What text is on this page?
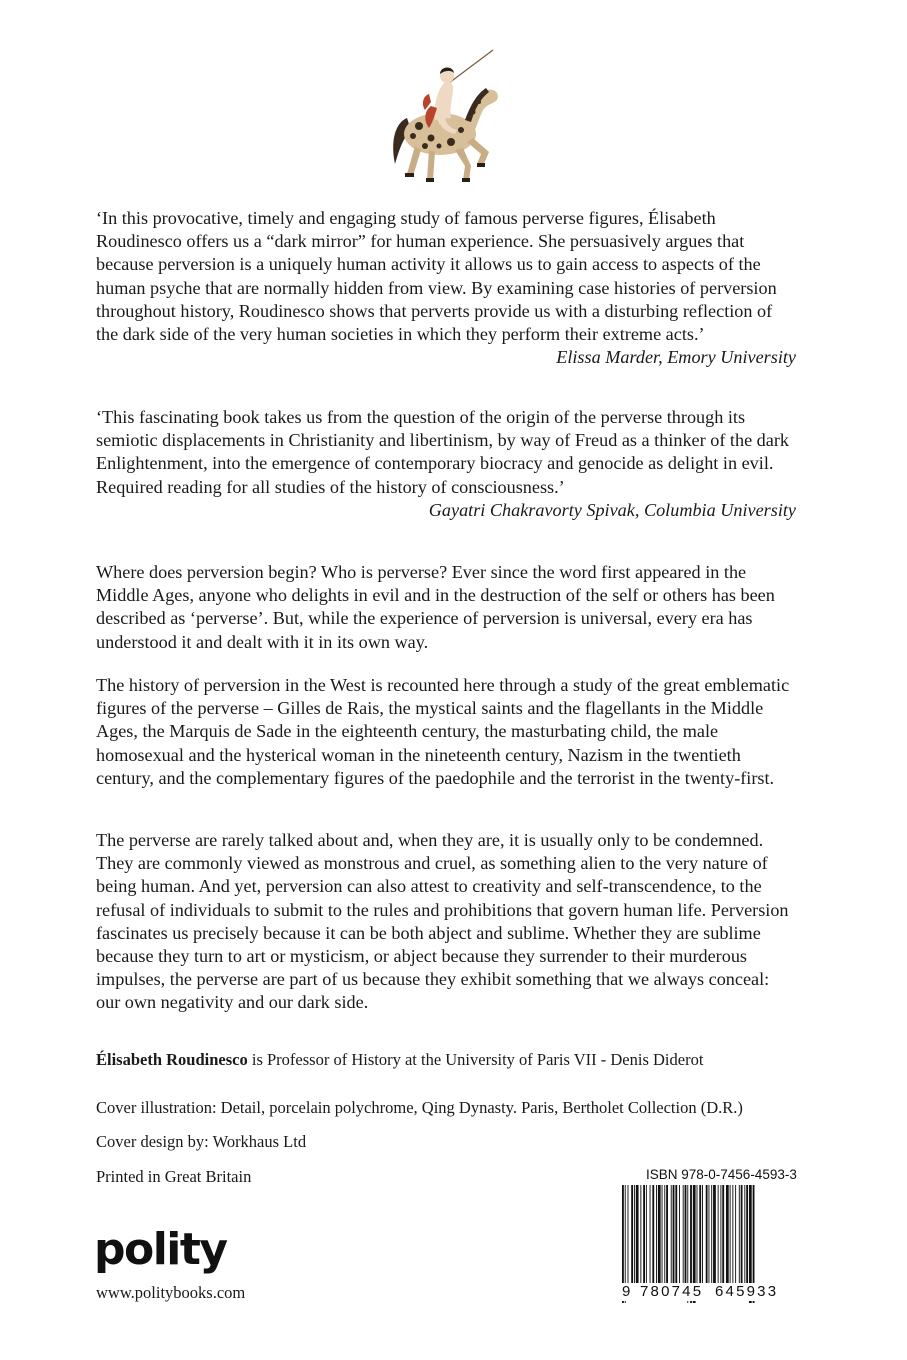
‘In this provocative, timely and engaging study of famous perverse figures, Élisabeth Roudinesco offers us a “dark mirror” for human experience. She persuasively argues that because perversion is a uniquely human activity it allows us to gain access to aspects of the human psyche that are normally hidden from view. By examining case histories of perversion throughout history, Roudinesco shows that perverts provide us with a disturbing reflection of the dark side of the very human societies in which they perform their extreme acts.’

Elissa Marder, Emory University

‘This fascinating book takes us from the question of the origin of the perverse through its semiotic displacements in Christianity and libertinism, by way of Freud as a thinker of the dark Enlightenment, into the emergence of contemporary biocracy and genocide as delight in evil. Required reading for all studies of the history of consciousness.’

Gayatri Chakravorty Spivak, Columbia University

Where does perversion begin? Who is perverse? Ever since the word first appeared in the Middle Ages, anyone who delights in evil and in the destruction of the self or others has been described as ‘perverse’. But, while the experience of perversion is universal, every era has understood it and dealt with it in its own way.

The history of perversion in the West is recounted here through a study of the great emblematic figures of the perverse – Gilles de Rais, the mystical saints and the flagellants in the Middle Ages, the Marquis de Sade in the eighteenth century, the masturbating child, the male homosexual and the hysterical woman in the nineteenth century, Nazism in the twentieth century, and the complementary figures of the paedophile and the terrorist in the twenty-first.

The perverse are rarely talked about and, when they are, it is usually only to be condemned. They are commonly viewed as monstrous and cruel, as something alien to the very nature of being human. And yet, perversion can also attest to creativity and self-transcendence, to the refusal of individuals to submit to the rules and prohibitions that govern human life. Perversion fascinates us precisely because it can be both abject and sublime. Whether they are sublime because they turn to art or mysticism, or abject because they surrender to their murderous impulses, the perverse are part of us because they exhibit something that we always conceal: our own negativity and our dark side.

Élisabeth Roudinesco is Professor of History at the University of Paris VII - Denis Diderot
Cover illustration: Detail, porcelain polychrome, Qing Dynasty. Paris, Bertholet Collection (D.R.)
Cover design by: Workhaus Ltd
Printed in Great Britain
polity
www.politybooks.com
ISBN 978-0-7456-4593-3
9 780745 645933
